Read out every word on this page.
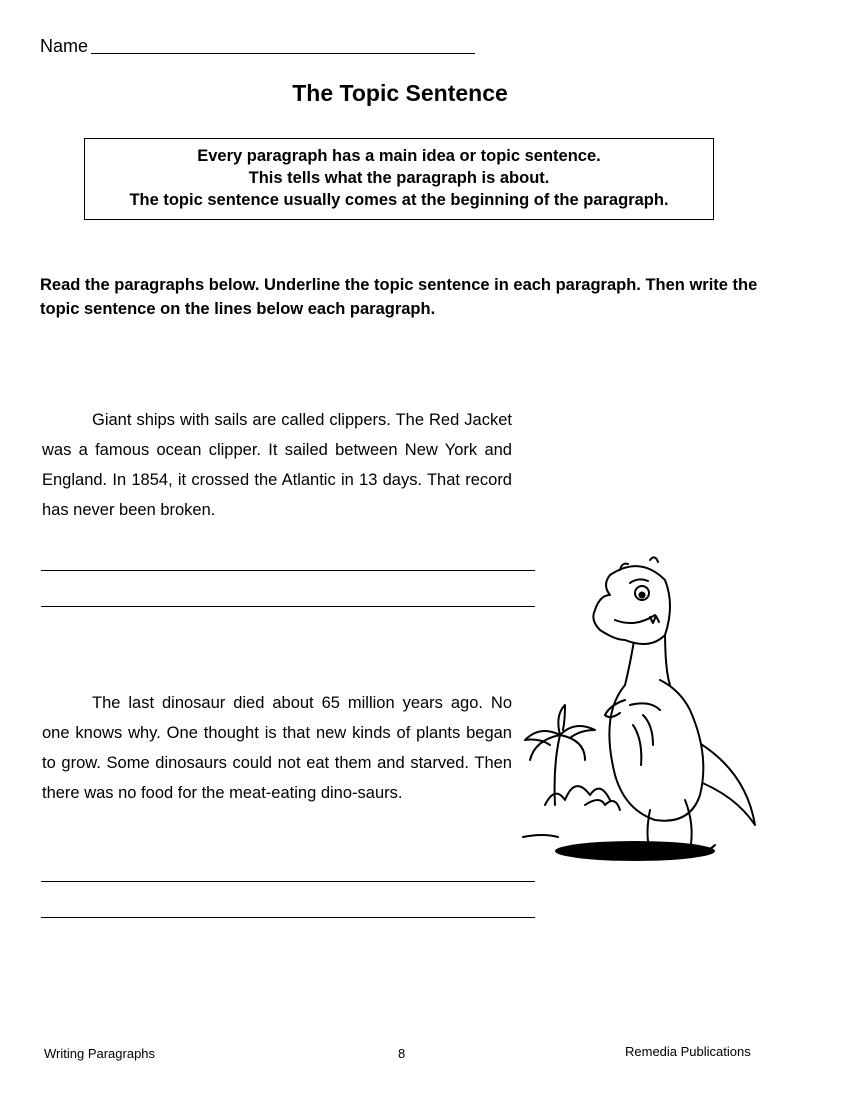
Name
The Topic Sentence
Every paragraph has a main idea or topic sentence.
This tells what the paragraph is about.
The topic sentence usually comes at the beginning of the paragraph.
Read the paragraphs below. Underline the topic sentence in each paragraph. Then write the topic sentence on the lines below each paragraph.
Giant ships with sails are called clippers. The Red Jacket was a famous ocean clipper. It sailed between New York and England. In 1854, it crossed the Atlantic in 13 days. That record has never been broken.
The last dinosaur died about 65 million years ago. No one knows why. One thought is that new kinds of plants began to grow. Some dinosaurs could not eat them and starved. Then there was no food for the meat-eating dino-saurs.
Writing Paragraphs	8	Remedia Publications
